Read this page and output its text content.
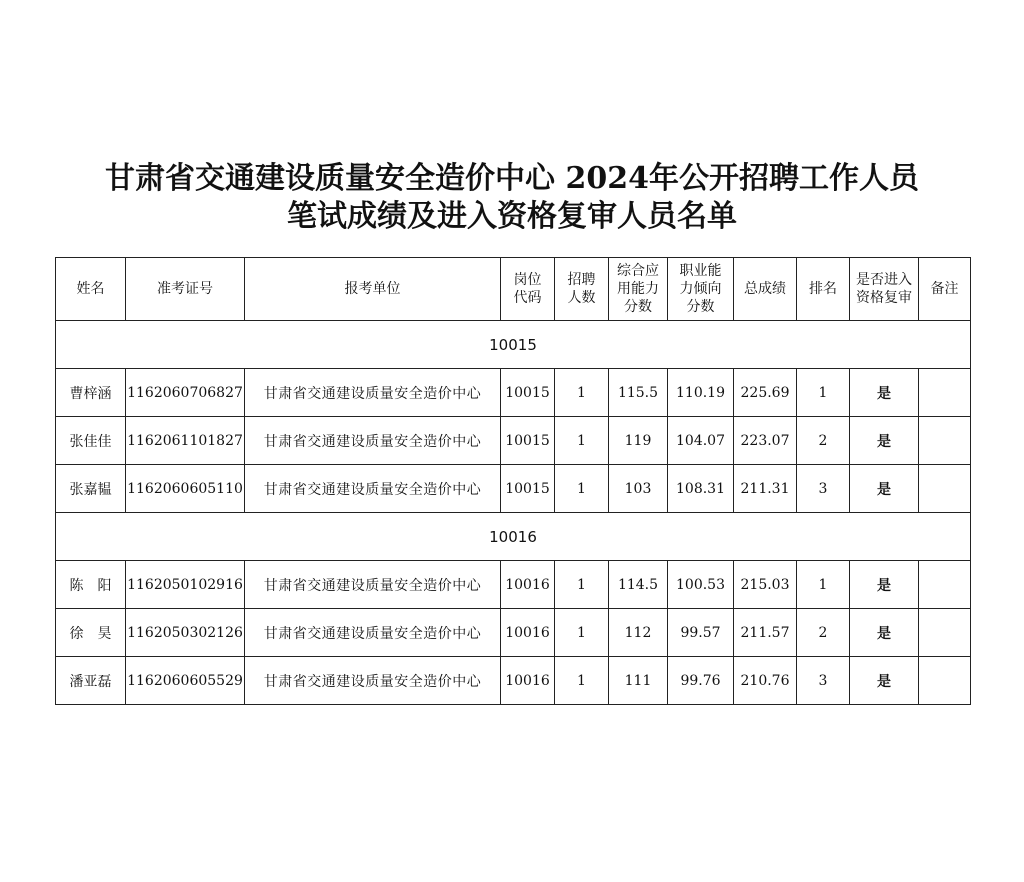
甘肃省交通建设质量安全造价中心 2024年公开招聘工作人员
笔试成绩及进入资格复审人员名单
姓名	准考证号	报考单位	岗位代码	招聘人数	综合应用能力分数	职业能力倾向分数	总成绩	排名	是否进入资格复审	备注
10015										
曹梓涵	1162060706827	甘肃省交通建设质量安全造价中心	10015	1	115.5	110.19	225.69	1	是	
张佳佳	1162061101827	甘肃省交通建设质量安全造价中心	10015	1	119	104.07	223.07	2	是	
张嘉韫	1162060605110	甘肃省交通建设质量安全造价中心	10015	1	103	108.31	211.31	3	是	
10016										
陈　阳	1162050102916	甘肃省交通建设质量安全造价中心	10016	1	114.5	100.53	215.03	1	是	
徐　昊	1162050302126	甘肃省交通建设质量安全造价中心	10016	1	112	99.57	211.57	2	是	
潘亚磊	1162060605529	甘肃省交通建设质量安全造价中心	10016	1	111	99.76	210.76	3	是	
